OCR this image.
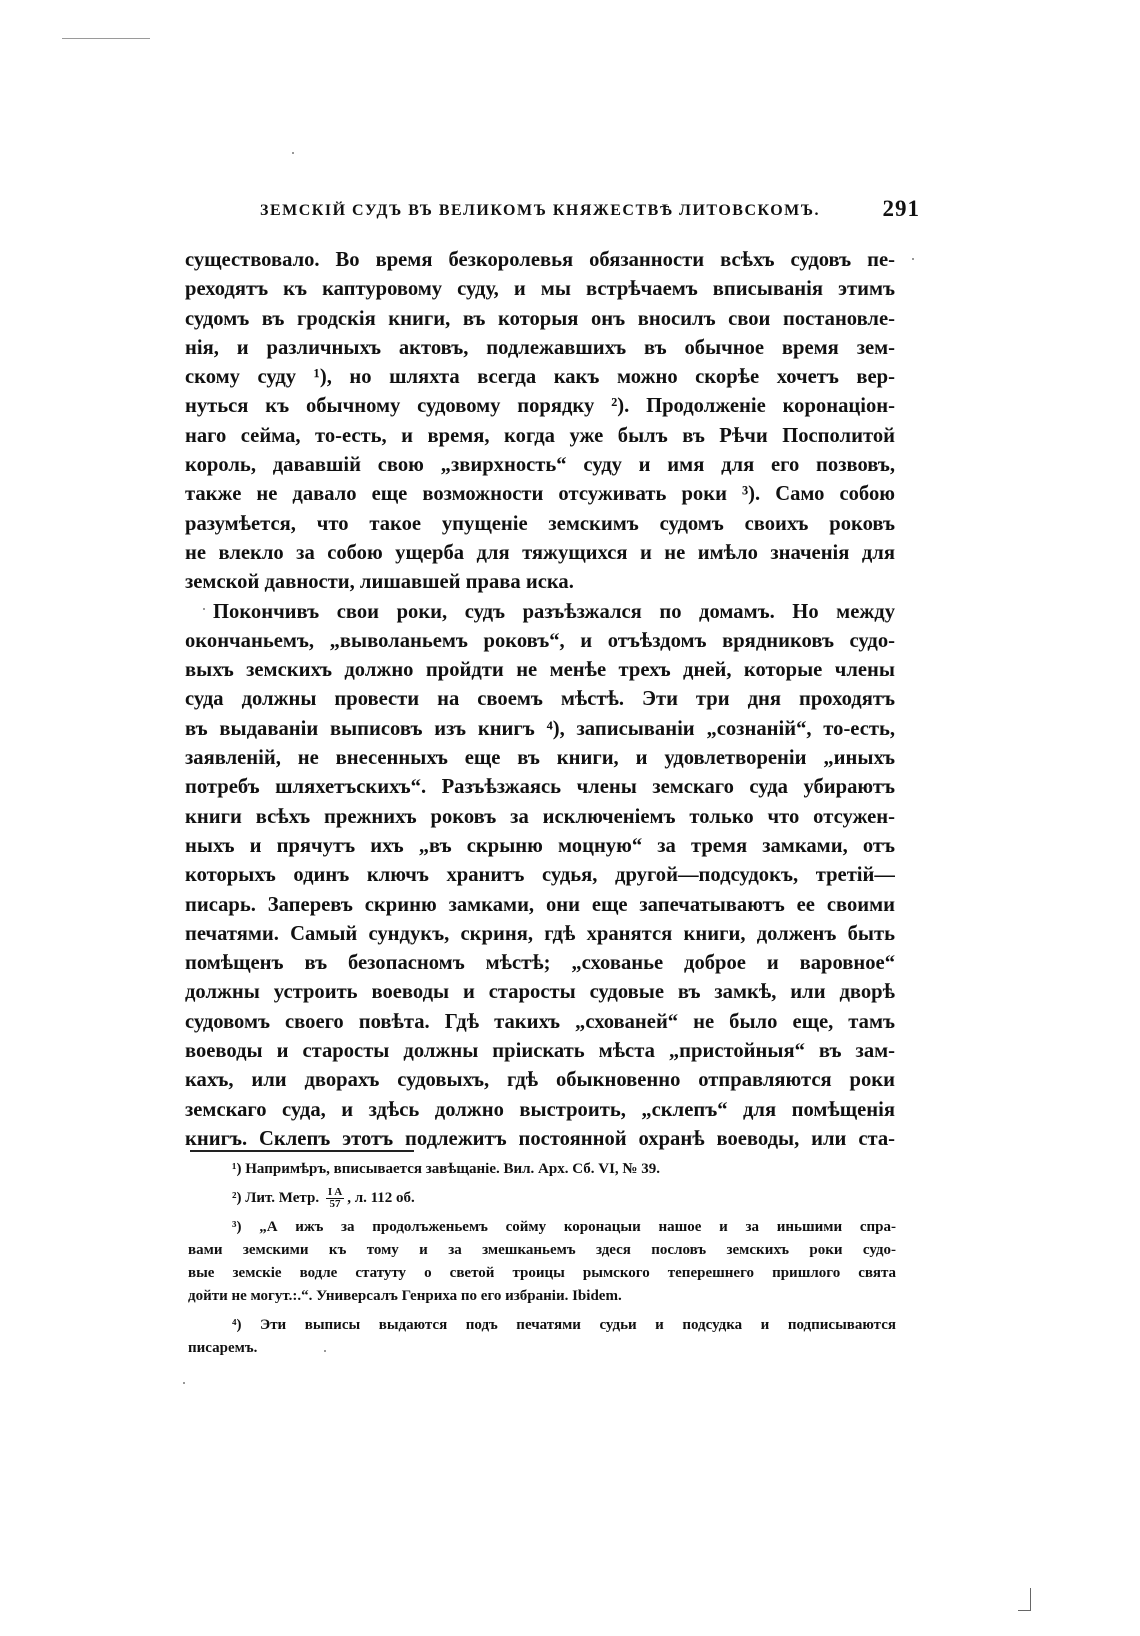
ЗЕМСКІЙ СУДЪ ВЪ ВЕЛИКОМЪ КНЯЖЕСТВѢ ЛИТОВСКОМЪ.	291

существовало. Во время безкоролевья обязанности всѣхъ судовъ пе-
реходятъ къ каптуровому суду, и мы встрѣчаемъ вписыванія этимъ
судомъ въ гродскія книги, въ которыя онъ вносилъ свои постановле-
нія, и различныхъ актовъ, подлежавшихъ въ обычное время зем-
скому суду ¹), но шляхта всегда какъ можно скорѣе хочетъ вер-
нуться къ обычному судовому порядку ²). Продолженіе коронаціон-
наго сейма, то-есть, и время, когда уже былъ въ Рѣчи Посполитой
король, дававшій свою „звирхность“ суду и имя для его позвовъ,
также не давало еще возможности отсуживать роки ³). Само собою
разумѣется, что такое упущеніе земскимъ судомъ своихъ роковъ
не влекло за собою ущерба для тяжущихся и не имѣло значенія для
земской давности, лишавшей права иска.

Покончивъ свои роки, судъ разъѣзжался по домамъ. Но между
окончаньемъ, „выволаньемъ роковъ“, и отъѣздомъ врядниковъ судо-
выхъ земскихъ должно пройдти не менѣе трехъ дней, которые члены
суда должны провести на своемъ мѣстѣ. Эти три дня проходятъ
въ выдаваніи выписовъ изъ книгъ ⁴), записываніи „сознаній“, то-есть,
заявленій, не внесенныхъ еще въ книги, и удовлетвореніи „иныхъ
потребъ шляхетъскихъ“. Разъѣзжаясь члены земскаго суда убираютъ
книги всѣхъ прежнихъ роковъ за исключеніемъ только что отсужен-
ныхъ и прячутъ ихъ „въ скрыню моцную“ за тремя замками, отъ
которыхъ одинъ ключъ хранитъ судья, другой—подсудокъ, третій—
писарь. Заперевъ скриню замками, они еще запечатываютъ ее своими
печатями. Самый сундукъ, скриня, гдѣ хранятся книги, долженъ быть
помѣщенъ въ безопасномъ мѣстѣ; „схованье доброе и варовное“
должны устроить воеводы и старосты судовые въ замкѣ, или дворѣ
судовомъ своего повѣта. Гдѣ такихъ „схованей“ не было еще, тамъ
воеводы и старосты должны пріискать мѣста „пристойныя“ въ зам-
кахъ, или дворахъ судовыхъ, гдѣ обыкновенно отправляются роки
земскаго суда, и здѣсь должно выстроить, „склепъ“ для помѣщенія
книгъ. Склепъ этотъ подлежитъ постоянной охранѣ воеводы, или ста-

¹) Напримѣръ, вписывается завѣщаніе. Вил. Арх. Сб. VI, № 39.
²) Лит. Метр. $\frac{\text{I A}}{57}$ , л. 112 об.
³) „А ижъ за продолъженьемъ сойму коронацыи нашое и за иньшими спра-
вами земскими къ тому и за змешканьемъ здеся пословъ земскихъ роки судо-
вые земскіе водле статуту о светой троицы рымского теперешнего пришлого свята
дойти не могут.:.“. Универсалъ Генриха по его избраніи. Ibidem.
⁴) Эти выписы выдаются подъ печатями судьи и подсудка и подписываются
писаремъ.
